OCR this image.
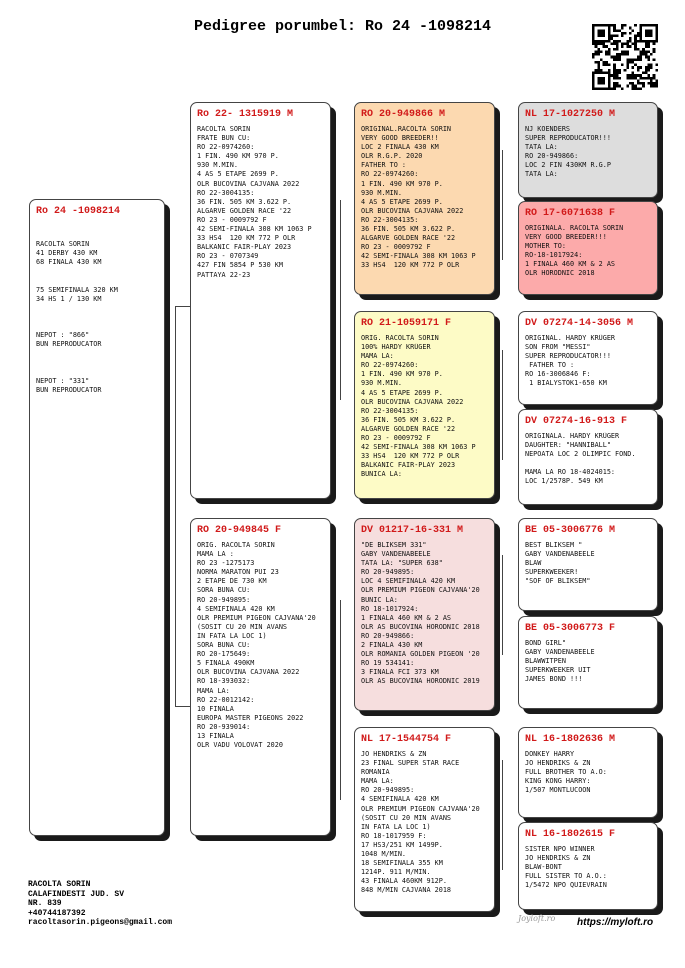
Pedigree porumbel: Ro 24 -1098214
Ro 24 -1098214

RACOLTA SORIN
41 DERBY 430 KM
68 FINALA 430 KM

75 SEMIFINALA 320 KM
34 HS 1 / 130 KM

NEPOT : "866"
BUN REPRODUCATOR

NEPOT : "331"
BUN REPRODUCATOR

Ro 22- 1315919 M
RACOLTA SORIN
FRATE BUN CU:
RO 22-0974260:
1 FIN. 490 KM 970 P.
930 M.MIN.
4 AS 5 ETAPE 2699 P.
OLR BUCOVINA CAJVANA 2022
RO 22-3004135:
36 FIN. 505 KM 3.622 P.
ALGARVE GOLDEN RACE '22
RO 23 - 0009792 F
42 SEMI-FINALA 308 KM 1063 P
33 HS4  120 KM 772 P OLR
BALKANIC FAIR-PLAY 2023
RO 23 - 0707349
427 FIN 5854 P 530 KM
PATTAYA 22-23
RO 20-949845 F
ORIG. RACOLTA SORIN
MAMA LA :
RO 23 -1275173
NORMA MARATON PUI 23
2 ETAPE DE 730 KM
SORA BUNA CU:
RO 20-949895:
4 SEMIFINALA 420 KM
OLR PREMIUM PIGEON CAJVANA'20
(SOSIT CU 20 MIN AVANS
IN FATA LA LOC 1)
SORA BUNA CU:
RO 20-175649:
5 FINALA 490KM
OLR BUCOVINA CAJVANA 2022
RO 18-393032:
MAMA LA:
RO 22-0012142:
10 FINALA
EUROPA MASTER PIGEONS 2022
RO 20-939014:
13 FINALA
OLR VADU VOLOVAT 2020
RO 20-949866 M
ORIGINAL.RACOLTA SORIN
VERY GOOD BREEDER!!
LOC 2 FINALA 430 KM
OLR R.G.P. 2020
FATHER TO :
RO 22-0974260:
1 FIN. 490 KM 970 P.
930 M.MIN.
4 AS 5 ETAPE 2699 P.
OLR BUCOVINA CAJVANA 2022
RO 22-3004135:
36 FIN. 505 KM 3.622 P.
ALGARVE GOLDEN RACE '22
RO 23 - 0009792 F
42 SEMI-FINALA 308 KM 1063 P
33 HS4  120 KM 772 P OLR
RO 21-1059171 F
ORIG. RACOLTA SORIN
100% HARDY KRÜGER
MAMA LA:
RO 22-0974260:
1 FIN. 490 KM 970 P.
930 M.MIN.
4 AS 5 ETAPE 2699 P.
OLR BUCOVINA CAJVANA 2022
RO 22-3004135:
36 FIN. 505 KM 3.622 P.
ALGARVE GOLDEN RACE '22
RO 23 - 0009792 F
42 SEMI-FINALA 308 KM 1063 P
33 HS4  120 KM 772 P OLR
BALKANIC FAIR-PLAY 2023
BUNICA LA:
DV 01217-16-331 M
"DE BLIKSEM 331"
GABY VANDENABEELE
TATA LA: "SUPER 638"
RO 20-949895:
LOC 4 SEMIFINALA 420 KM
OLR PREMIUM PIGEON CAJVANA'20
BUNIC LA:
RO 18-1017924:
1 FINALA 460 KM & 2 AS
OLR AS BUCOVINA HORODNIC 2018
RO 20-949866:
2 FINALA 430 KM
OLR ROMANIA GOLDEN PIGEON '20
RO 19 534141:
3 FINALA FCI 373 KM
OLR AS BUCOVINA HORODNIC 2019
NL 17-1544754 F
JO HENDRIKS & ZN
23 FINAL SUPER STAR RACE
ROMANIA
MAMA LA:
RO 20-949895:
4 SEMIFINALA 420 KM
OLR PREMIUM PIGEON CAJVANA'20
(SOSIT CU 20 MIN AVANS
IN FATA LA LOC 1)
RO 18-1017959 F:
17 HS3/251 KM 1499P.
1048 M/MIN.
18 SEMIFINALA 355 KM
1214P. 911 M/MIN.
43 FINALA 460KM 912P.
848 M/MIN CAJVANA 2018
NL 17-1027250 M
NJ KOENDERS
SUPER REPRODUCATOR!!!
TATA LA:
RO 20-949866:
LOC 2 FIN 430KM R.G.P
TATA LA:
RO 17-6071638 F
ORIGINALA. RACOLTA SORIN
VERY GOOD BREEDER!!!
MOTHER TO:
RO-18-1017924:
1 FINALA 460 KM & 2 AS
OLR HORODNIC 2018
DV 07274-14-3056 M
ORIGINAL. HARDY KRÜGER
SON FROM "MESSI"
SUPER REPRODUCATOR!!!
FATHER TO :
RO 16-3006846 F:
1 BIALYSTOK1-650 KM
DV 07274-16-913 F
ORIGINALA. HARDY KRÜGER
DAUGHTER: "HANNIBALL"
NEPOATA LOC 2 OLIMPIC FOND.

MAMA LA RO 18-4024015:
LOC 1/2578P. 549 KM
BE 05-3006776 M
BEST BLIKSEM "
GABY VANDENABEELE
BLAW
SUPERKWEEKER!
"SOF OF BLIKSEM"
BE 05-3006773 F
BOND GIRL"
GABY VANDENABEELE
BLAWWITPEN
SUPERKWEEKER UIT
JAMES BOND !!!
NL 16-1802636 M
DONKEY HARRY
JO HENDRIKS & ZN
FULL BROTHER TO A.O:
KING KONG HARRY:
1/507 MONTLUCOON
NL 16-1802615 F
SISTER NPO WINNER
JO HENDRIKS & ZN
BLAW-BONT
FULL SISTER TO A.O.:
1/5472 NPO QUIEVRAIN
RACOLTA SORIN
CALAFINDESTI JUD. SV
NR. 839
+40744187392
racoltasorin.pigeons@gmail.com	Joyloft.ro https://myloft.ro
